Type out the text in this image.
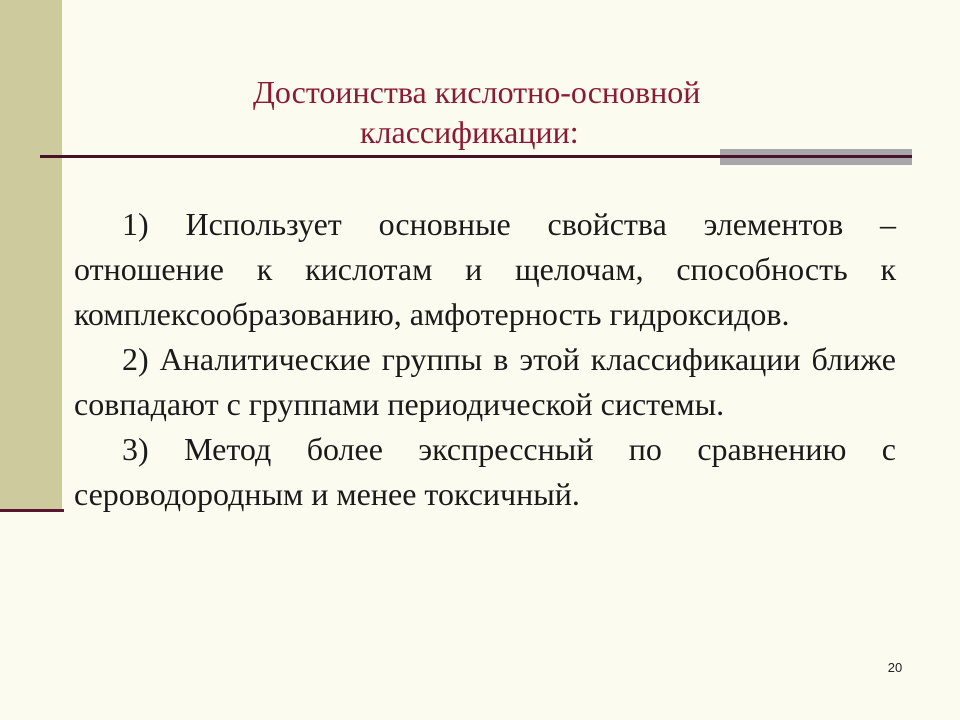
Достоинства кислотно-основной
классификации:

1) Использует основные свойства элементов – отношение к кислотам и щелочам, способность к комплексообразованию, амфотерность гидроксидов.

2) Аналитические группы в этой классификации ближе совпадают с группами периодической системы.

3) Метод более экспрессный по сравнению с сероводородным и менее токсичный.

20
